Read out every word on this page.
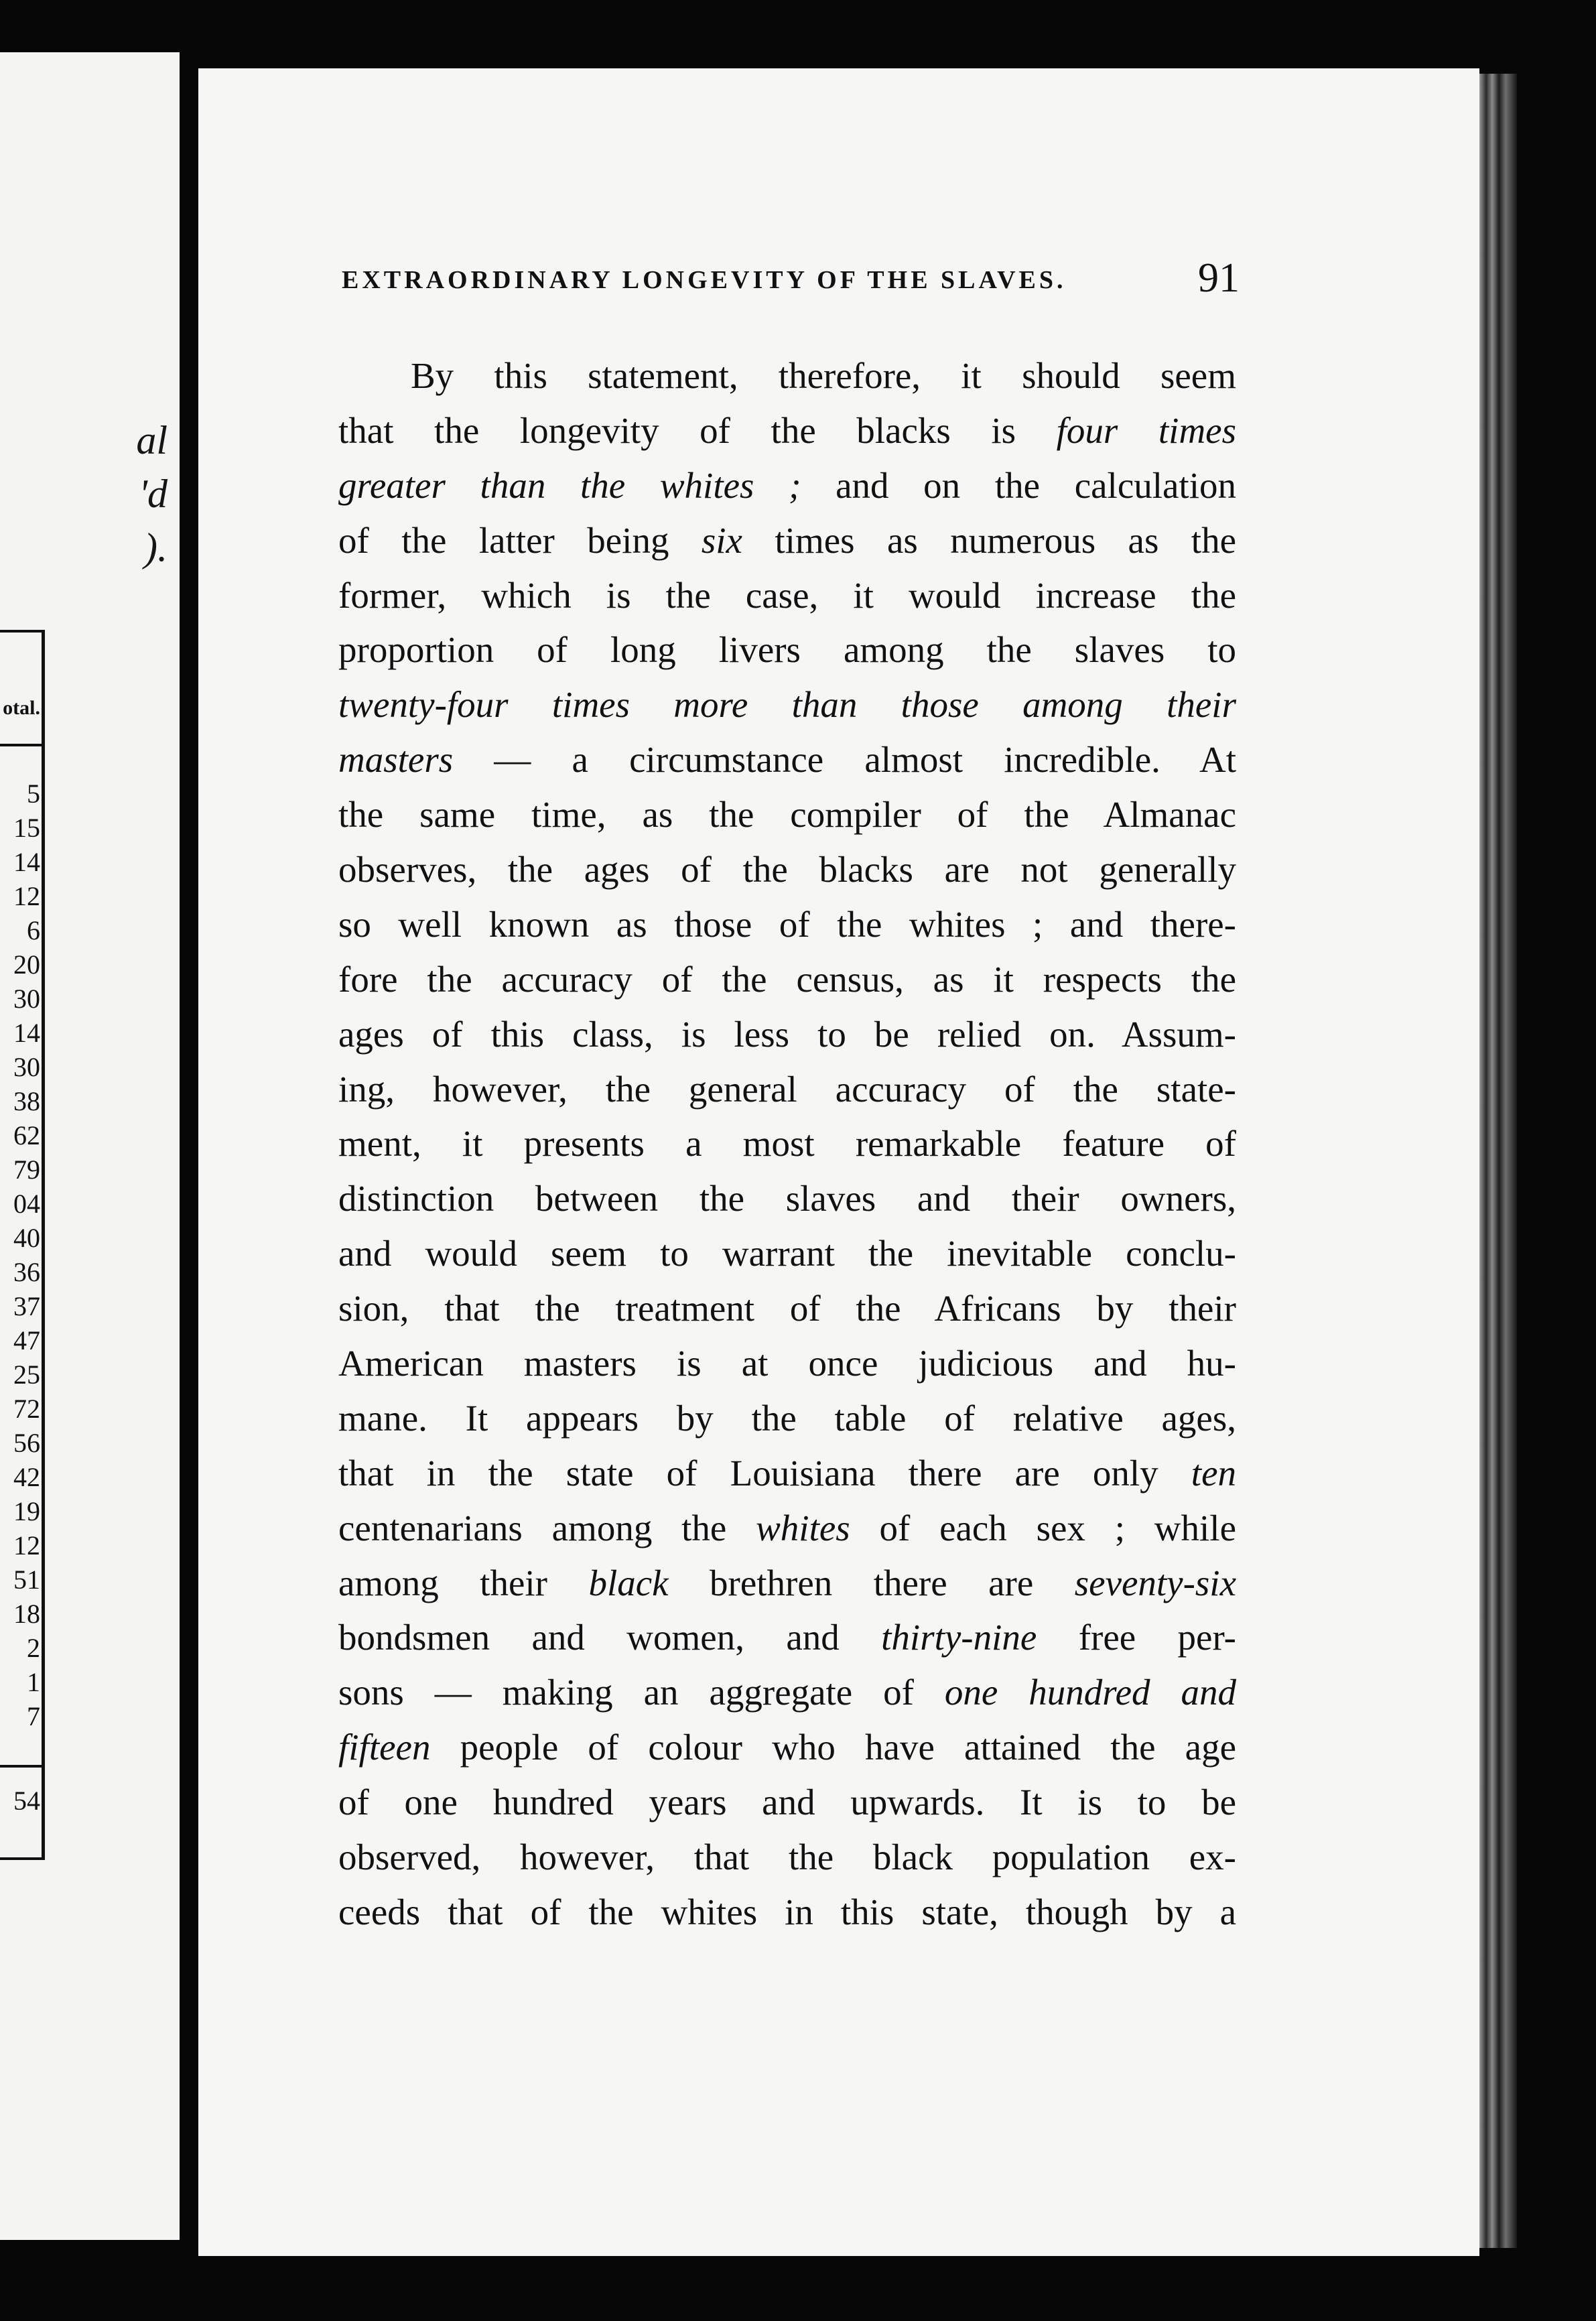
al
'd
).
EXTRAORDINARY LONGEVITY OF THE SLAVES.	91
By this statement, therefore, it should seem
that the longevity of the blacks is four times
greater than the whites ; and on the calculation
of the latter being six times as numerous as the
former, which is the case, it would increase the
proportion of long livers among the slaves to
twenty-four times more than those among their
masters — a circumstance almost incredible. At
the same time, as the compiler of the Almanac
observes, the ages of the blacks are not generally
so well known as those of the whites ; and there-
fore the accuracy of the census, as it respects the
ages of this class, is less to be relied on. Assum-
ing, however, the general accuracy of the state-
ment, it presents a most remarkable feature of
distinction between the slaves and their owners,
and would seem to warrant the inevitable conclu-
sion, that the treatment of the Africans by their
American masters is at once judicious and hu-
mane. It appears by the table of relative ages,
that in the state of Louisiana there are only ten
centenarians among the whites of each sex ; while
among their black brethren there are seventy-six
bondsmen and women, and thirty-nine free per-
sons — making an aggregate of one hundred and
fifteen people of colour who have attained the age
of one hundred years and upwards. It is to be
observed, however, that the black population ex-
ceeds that of the whites in this state, though by a
otal.
5
15
14
12
6
20
30
14
30
38
62
79
04
40
36
37
47
25
72
56
42
19
12
51
18
2
1
7
54
